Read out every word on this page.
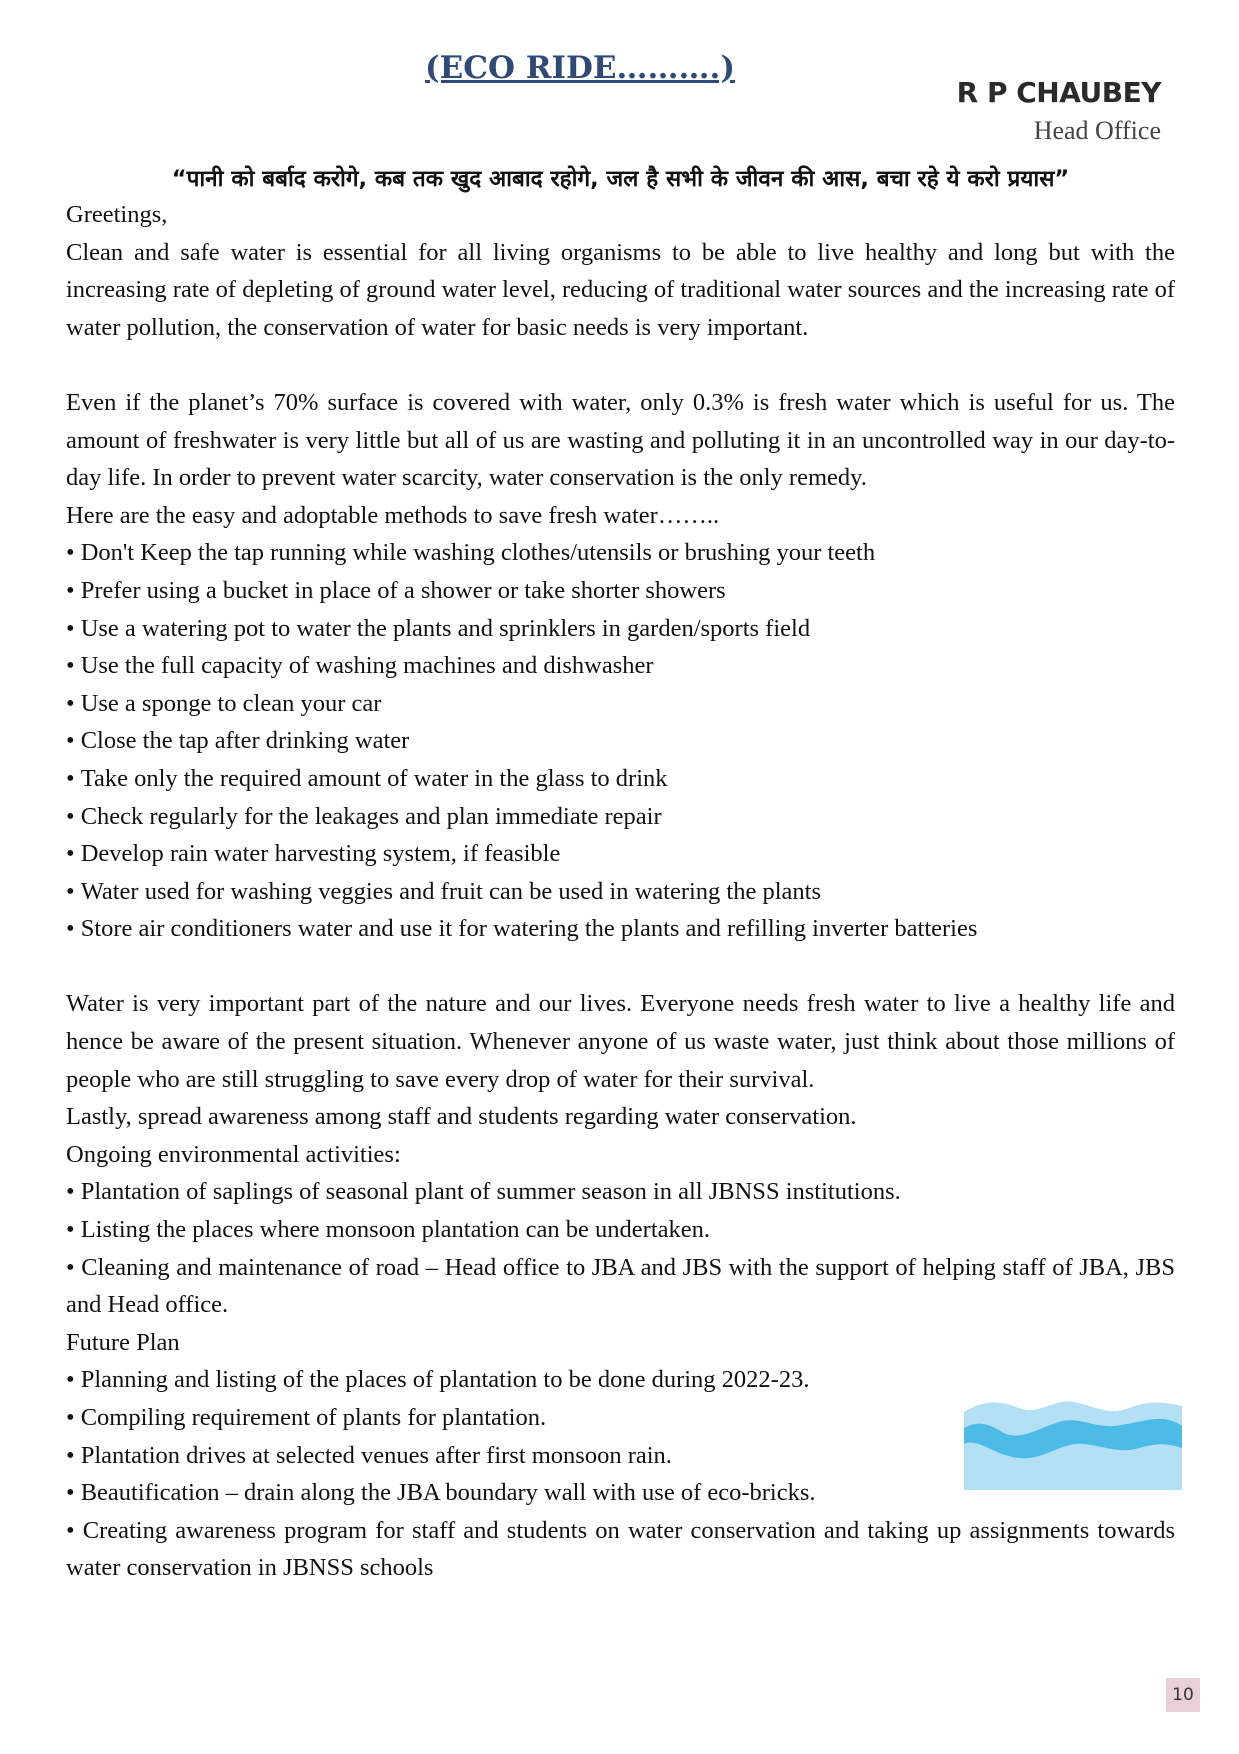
(ECO RIDE……….)
R P CHAUBEY
Head Office
“पानी को बर्बाद करोगे, कब तक खुद आबाद रहोगे, जल है सभी के जीवन की आस, बचा रहे ये करो प्रयास”

Greetings,

Clean and safe water is essential for all living organisms to be able to live healthy and long but with the increasing rate of depleting of ground water level, reducing of traditional water sources and the increasing rate of water pollution, the conservation of water for basic needs is very important.

Even if the planet’s 70% surface is covered with water, only 0.3% is fresh water which is useful for us. The amount of freshwater is very little but all of us are wasting and polluting it in an uncontrolled way in our day-to-day life. In order to prevent water scarcity, water conservation is the only remedy.

Here are the easy and adoptable methods to save fresh water……..

• Don't Keep the tap running while washing clothes/utensils or brushing your teeth
• Prefer using a bucket in place of a shower or take shorter showers
• Use a watering pot to water the plants and sprinklers in garden/sports field
• Use the full capacity of washing machines and dishwasher
• Use a sponge to clean your car
• Close the tap after drinking water
• Take only the required amount of water in the glass to drink
• Check regularly for the leakages and plan immediate repair
• Develop rain water harvesting system, if feasible
• Water used for washing veggies and fruit can be used in watering the plants
• Store air conditioners water and use it for watering the plants and refilling inverter batteries

Water is very important part of the nature and our lives. Everyone needs fresh water to live a healthy life and hence be aware of the present situation. Whenever anyone of us waste water, just think about those millions of people who are still struggling to save every drop of water for their survival.

Lastly, spread awareness among staff and students regarding water conservation.

Ongoing environmental activities:

• Plantation of saplings of seasonal plant of summer season in all JBNSS institutions.
• Listing the places where monsoon plantation can be undertaken.
• Cleaning and maintenance of road – Head office to JBA and JBS with the support of helping staff of JBA, JBS and Head office.

Future Plan

• Planning and listing of the places of plantation to be done during 2022-23.
• Compiling requirement of plants for plantation.
• Plantation drives at selected venues after first monsoon rain.
• Beautification – drain along the JBA boundary wall with use of eco-bricks.
• Creating awareness program for staff and students on water conservation and taking up assignments towards water conservation in JBNSS schools
10
